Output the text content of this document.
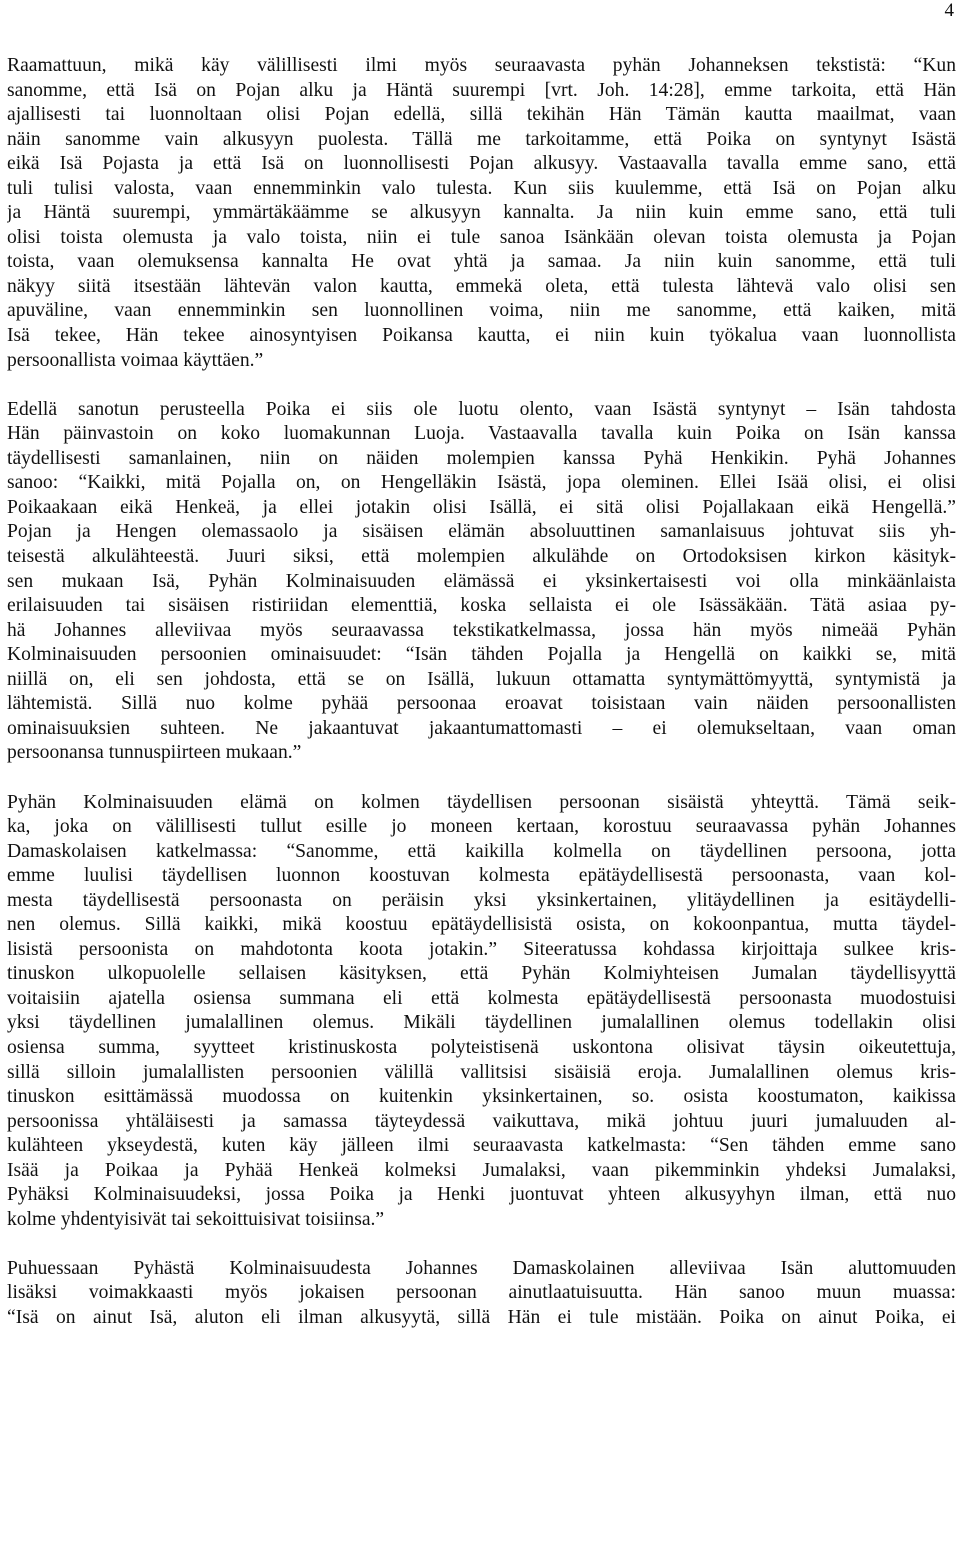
4

Raamattuun, mikä käy välillisesti ilmi myös seuraavasta pyhän Johanneksen tekstistä: “Kun
sanomme, että Isä on Pojan alku ja Häntä suurempi [vrt. Joh. 14:28], emme tarkoita, että Hän
ajallisesti tai luonnoltaan olisi Pojan edellä, sillä tekihän Hän Tämän kautta maailmat, vaan
näin sanomme vain alkusyyn puolesta. Tällä me tarkoitamme, että Poika on syntynyt Isästä
eikä Isä Pojasta ja että Isä on luonnollisesti Pojan alkusyy. Vastaavalla tavalla emme sano, että
tuli tulisi valosta, vaan ennemminkin valo tulesta. Kun siis kuulemme, että Isä on Pojan alku
ja Häntä suurempi, ymmärtäkäämme se alkusyyn kannalta. Ja niin kuin emme sano, että tuli
olisi toista olemusta ja valo toista, niin ei tule sanoa Isänkään olevan toista olemusta ja Pojan
toista, vaan olemuksensa kannalta He ovat yhtä ja samaa. Ja niin kuin sanomme, että tuli
näkyy siitä itsestään lähtevän valon kautta, emmekä oleta, että tulesta lähtevä valo olisi sen
apuväline, vaan ennemminkin sen luonnollinen voima, niin me sanomme, että kaiken, mitä
Isä tekee, Hän tekee ainosyntyisen Poikansa kautta, ei niin kuin työkalua vaan luonnollista
persoonallista voimaa käyttäen.”

Edellä sanotun perusteella Poika ei siis ole luotu olento, vaan Isästä syntynyt – Isän tahdosta
Hän päinvastoin on koko luomakunnan Luoja. Vastaavalla tavalla kuin Poika on Isän kanssa
täydellisesti samanlainen, niin on näiden molempien kanssa Pyhä Henkikin. Pyhä Johannes
sanoo: “Kaikki, mitä Pojalla on, on Hengelläkin Isästä, jopa oleminen. Ellei Isää olisi, ei olisi
Poikaakaan eikä Henkeä, ja ellei jotakin olisi Isällä, ei sitä olisi Pojallakaan eikä Hengellä.”
Pojan ja Hengen olemassaolo ja sisäisen elämän absoluuttinen samanlaisuus johtuvat siis yh-
teisestä alkulähteestä. Juuri siksi, että molempien alkulähde on Ortodoksisen kirkon käsityk-
sen mukaan Isä, Pyhän Kolminaisuuden elämässä ei yksinkertaisesti voi olla minkäänlaista
erilaisuuden tai sisäisen ristiriidan elementtiä, koska sellaista ei ole Isässäkään. Tätä asiaa py-
hä Johannes alleviivaa myös seuraavassa tekstikatkelmassa, jossa hän myös nimeää Pyhän
Kolminaisuuden persoonien ominaisuudet: “Isän tähden Pojalla ja Hengellä on kaikki se, mitä
niillä on, eli sen johdosta, että se on Isällä, lukuun ottamatta syntymättömyyttä, syntymistä ja
lähtemistä. Sillä nuo kolme pyhää persoonaa eroavat toisistaan vain näiden persoonallisten
ominaisuuksien suhteen. Ne jakaantuvat jakaantumattomasti – ei olemukseltaan, vaan oman
persoonansa tunnuspiirteen mukaan.”

Pyhän Kolminaisuuden elämä on kolmen täydellisen persoonan sisäistä yhteyttä. Tämä seik-
ka, joka on välillisesti tullut esille jo moneen kertaan, korostuu seuraavassa pyhän Johannes
Damaskolaisen katkelmassa: “Sanomme, että kaikilla kolmella on täydellinen persoona, jotta
emme luulisi täydellisen luonnon koostuvan kolmesta epätäydellisestä persoonasta, vaan kol-
mesta täydellisestä persoonasta on peräisin yksi yksinkertainen, ylitäydellinen ja esitäydelli-
nen olemus. Sillä kaikki, mikä koostuu epätäydellisistä osista, on kokoonpantua, mutta täydel-
lisistä persoonista on mahdotonta koota jotakin.” Siteeratussa kohdassa kirjoittaja sulkee kris-
tinuskon ulkopuolelle sellaisen käsityksen, että Pyhän Kolmiyhteisen Jumalan täydellisyyttä
voitaisiin ajatella osiensa summana eli että kolmesta epätäydellisestä persoonasta muodostuisi
yksi täydellinen jumalallinen olemus. Mikäli täydellinen jumalallinen olemus todellakin olisi
osiensa summa, syytteet kristinuskosta polyteistisenä uskontona olisivat täysin oikeutettuja,
sillä silloin jumalallisten persoonien välillä vallitsisi sisäisiä eroja. Jumalallinen olemus kris-
tinuskon esittämässä muodossa on kuitenkin yksinkertainen, so. osista koostumaton, kaikissa
persoonissa yhtäläisesti ja samassa täyteydessä vaikuttava, mikä johtuu juuri jumaluuden al-
kulähteen ykseydestä, kuten käy jälleen ilmi seuraavasta katkelmasta: “Sen tähden emme sano
Isää ja Poikaa ja Pyhää Henkeä kolmeksi Jumalaksi, vaan pikemminkin yhdeksi Jumalaksi,
Pyhäksi Kolminaisuudeksi, jossa Poika ja Henki juontuvat yhteen alkusyyhyn ilman, että nuo
kolme yhdentyisivät tai sekoittuisivat toisiinsa.”

Puhuessaan Pyhästä Kolminaisuudesta Johannes Damaskolainen alleviivaa Isän aluttomuuden
lisäksi voimakkaasti myös jokaisen persoonan ainutlaatuisuutta. Hän sanoo muun muassa:
“Isä on ainut Isä, aluton eli ilman alkusyytä, sillä Hän ei tule mistään. Poika on ainut Poika, ei
